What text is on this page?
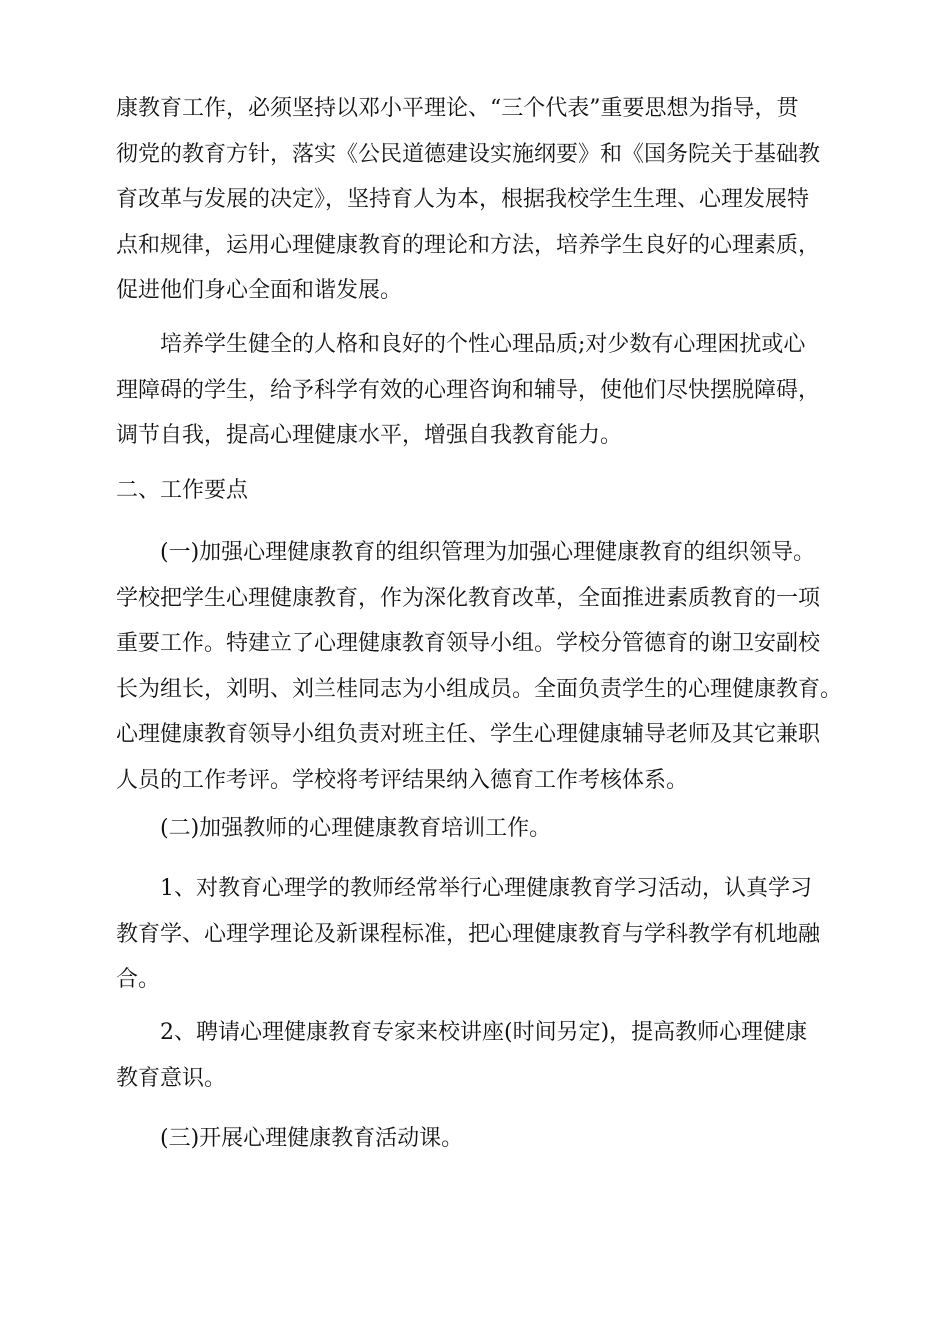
康教育工作，必须坚持以邓小平理论、“三个代表”重要思想为指导，贯
彻党的教育方针，落实《公民道德建设实施纲要》和《国务院关于基础教
育改革与发展的决定》，坚持育人为本，根据我校学生生理、心理发展特
点和规律，运用心理健康教育的理论和方法，培养学生良好的心理素质，
促进他们身心全面和谐发展。

培养学生健全的人格和良好的个性心理品质;对少数有心理困扰或心
理障碍的学生，给予科学有效的心理咨询和辅导，使他们尽快摆脱障碍，
调节自我，提高心理健康水平，增强自我教育能力。

二、工作要点

(一)加强心理健康教育的组织管理为加强心理健康教育的组织领导。
学校把学生心理健康教育，作为深化教育改革，全面推进素质教育的一项
重要工作。特建立了心理健康教育领导小组。学校分管德育的谢卫安副校
长为组长，刘明、刘兰桂同志为小组成员。全面负责学生的心理健康教育。
心理健康教育领导小组负责对班主任、学生心理健康辅导老师及其它兼职
人员的工作考评。学校将考评结果纳入德育工作考核体系。

(二)加强教师的心理健康教育培训工作。

1、对教育心理学的教师经常举行心理健康教育学习活动，认真学习
教育学、心理学理论及新课程标准，把心理健康教育与学科教学有机地融
合。

2、聘请心理健康教育专家来校讲座(时间另定)，提高教师心理健康
教育意识。

(三)开展心理健康教育活动课。
